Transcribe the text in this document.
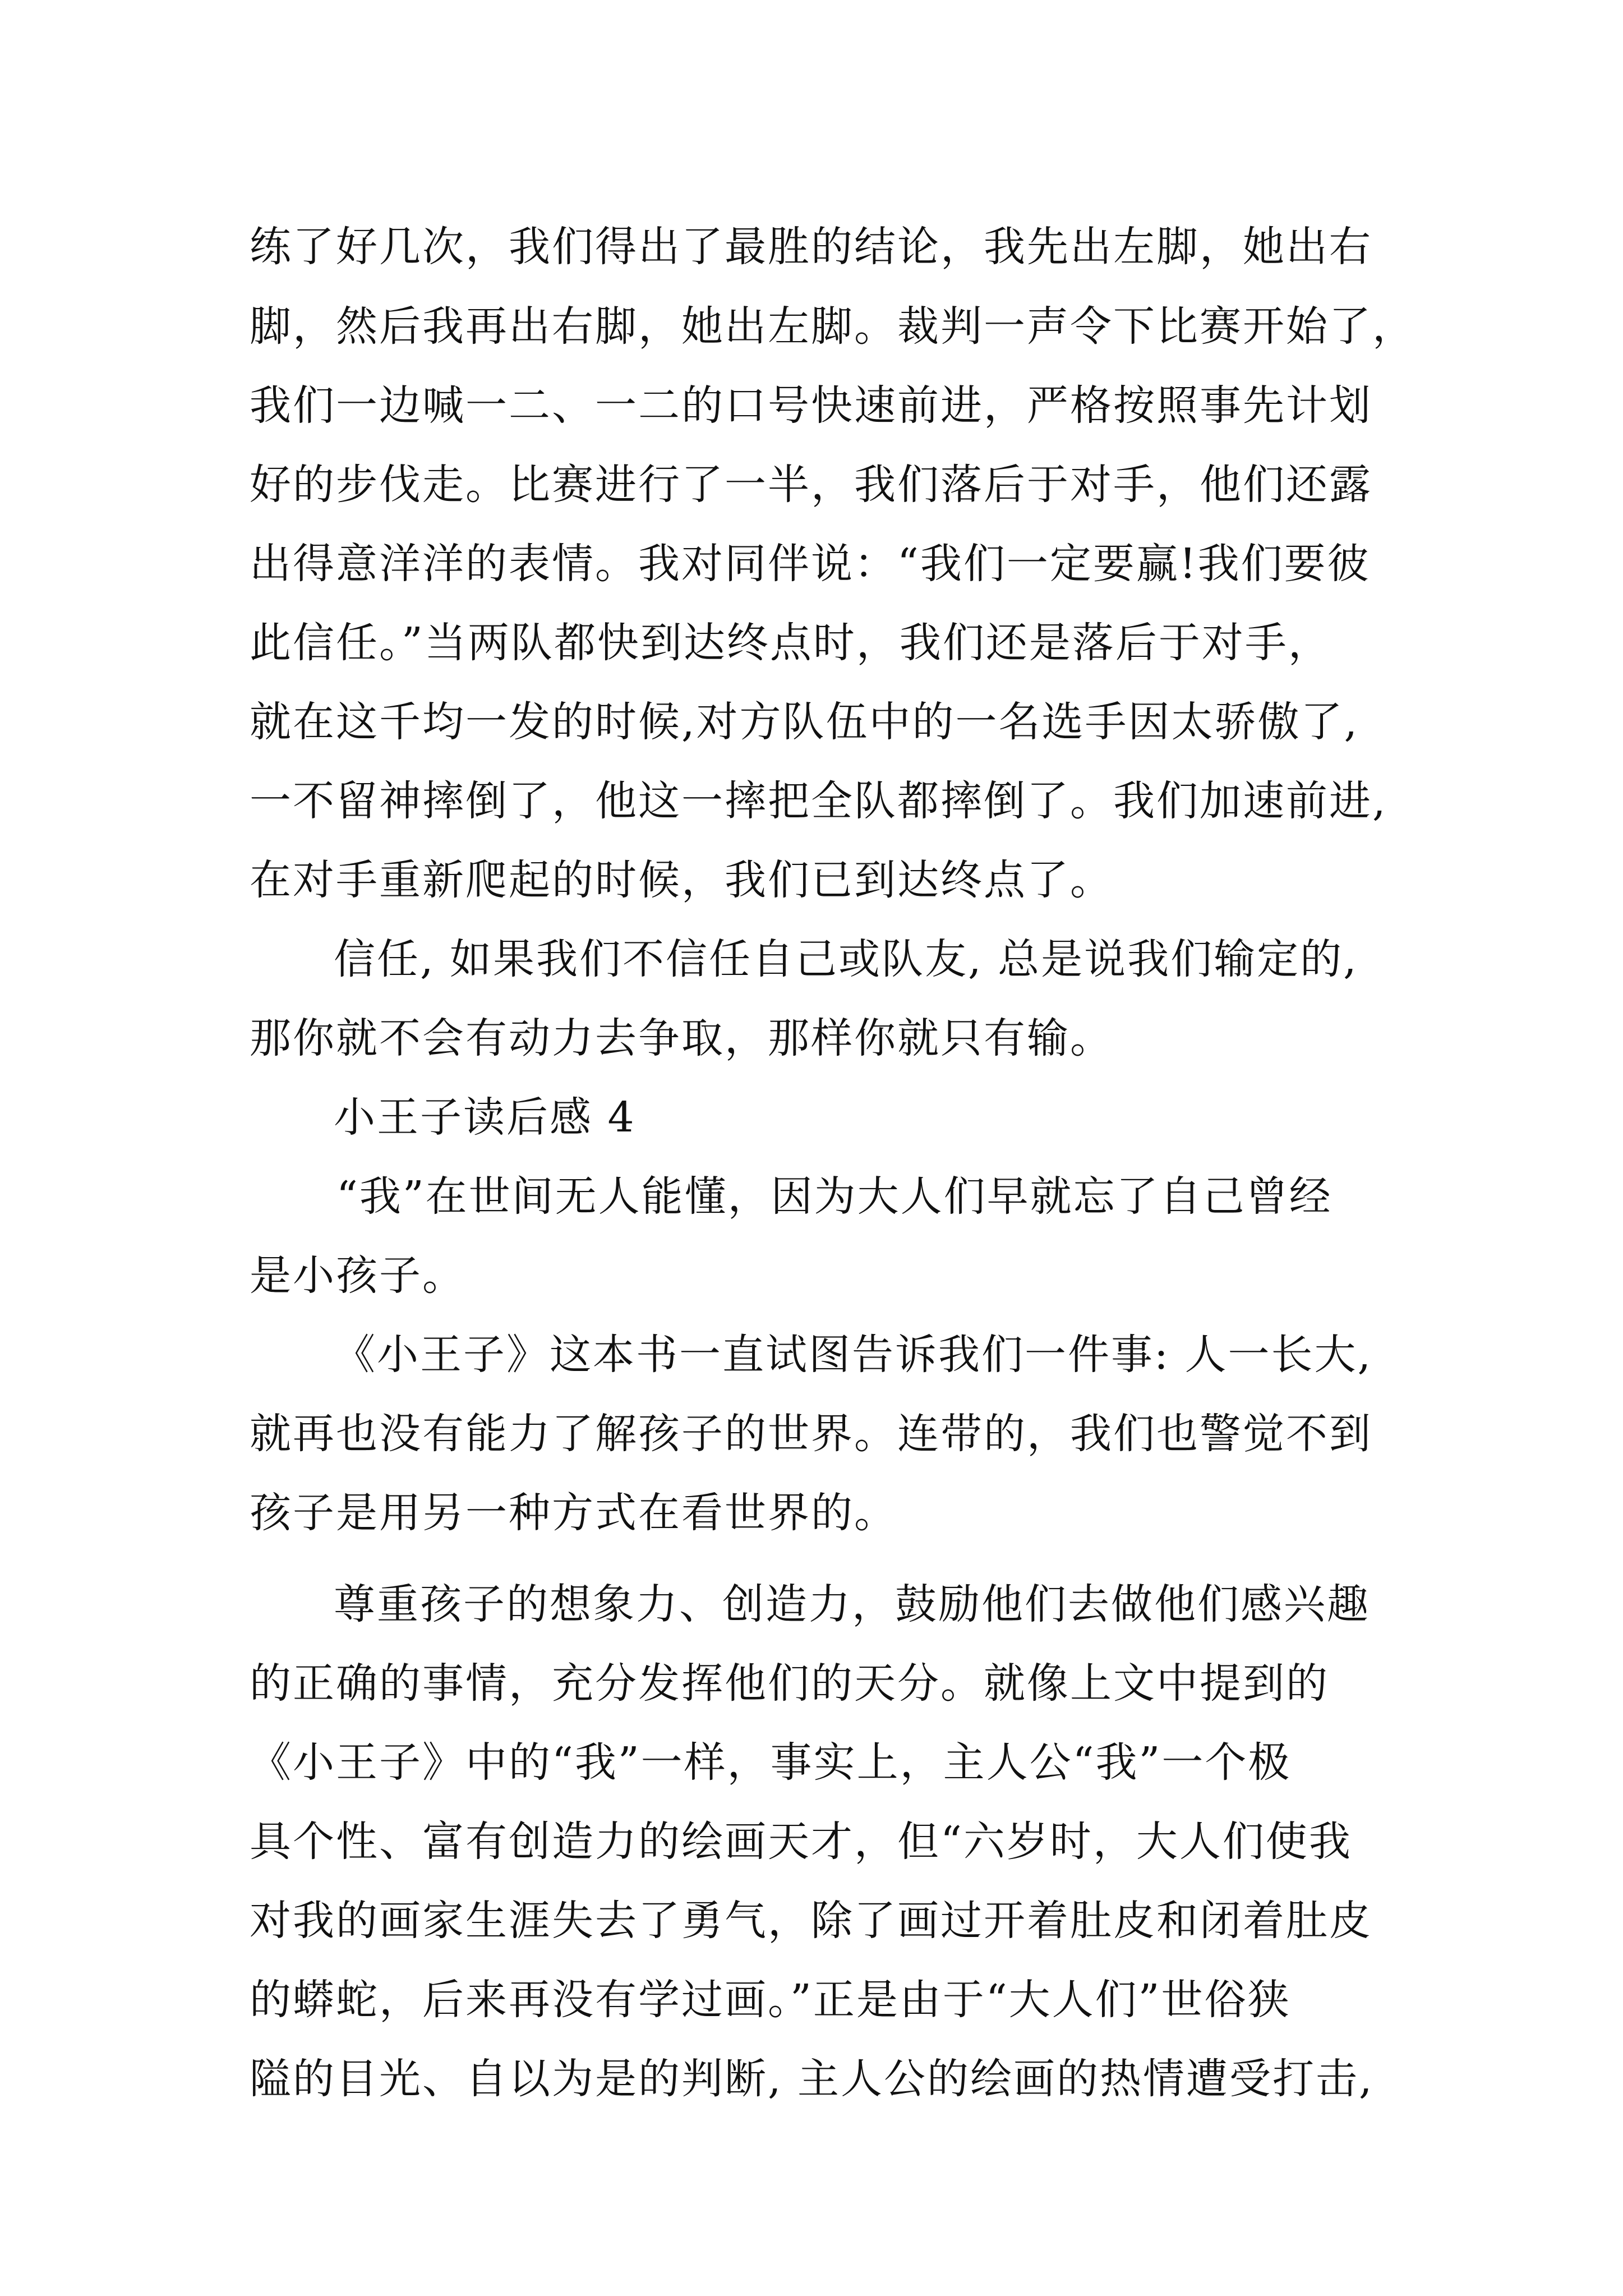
练了好几次，我们得出了最胜的结论，我先出左脚，她出右
脚，然后我再出右脚，她出左脚。裁判一声令下比赛开始了，
我们一边喊一二、一二的口号快速前进，严格按照事先计划
好的步伐走。比赛进行了一半，我们落后于对手，他们还露
出得意洋洋的表情。我对同伴说：“我们一定要赢!我们要彼
此信任。”当两队都快到达终点时，我们还是落后于对手，
就在这千均一发的时候,对方队伍中的一名选手因太骄傲了,
一不留神摔倒了，他这一摔把全队都摔倒了。我们加速前进,
在对手重新爬起的时候，我们已到达终点了。
信任, 如果我们不信任自己或队友, 总是说我们输定的,
那你就不会有动力去争取，那样你就只有输。
小王子读后感 4
“我”在世间无人能懂，因为大人们早就忘了自己曾经
是小孩子。
《小王子》这本书一直试图告诉我们一件事: 人一长大,
就再也没有能力了解孩子的世界。连带的，我们也警觉不到
孩子是用另一种方式在看世界的。
尊重孩子的想象力、创造力，鼓励他们去做他们感兴趣
的正确的事情，充分发挥他们的天分。就像上文中提到的
《小王子》中的“我”一样，事实上，主人公“我”一个极
具个性、富有创造力的绘画天才，但“六岁时，大人们使我
对我的画家生涯失去了勇气，除了画过开着肚皮和闭着肚皮
的蟒蛇，后来再没有学过画。”正是由于“大人们”世俗狭
隘的目光、自以为是的判断, 主人公的绘画的热情遭受打击,
